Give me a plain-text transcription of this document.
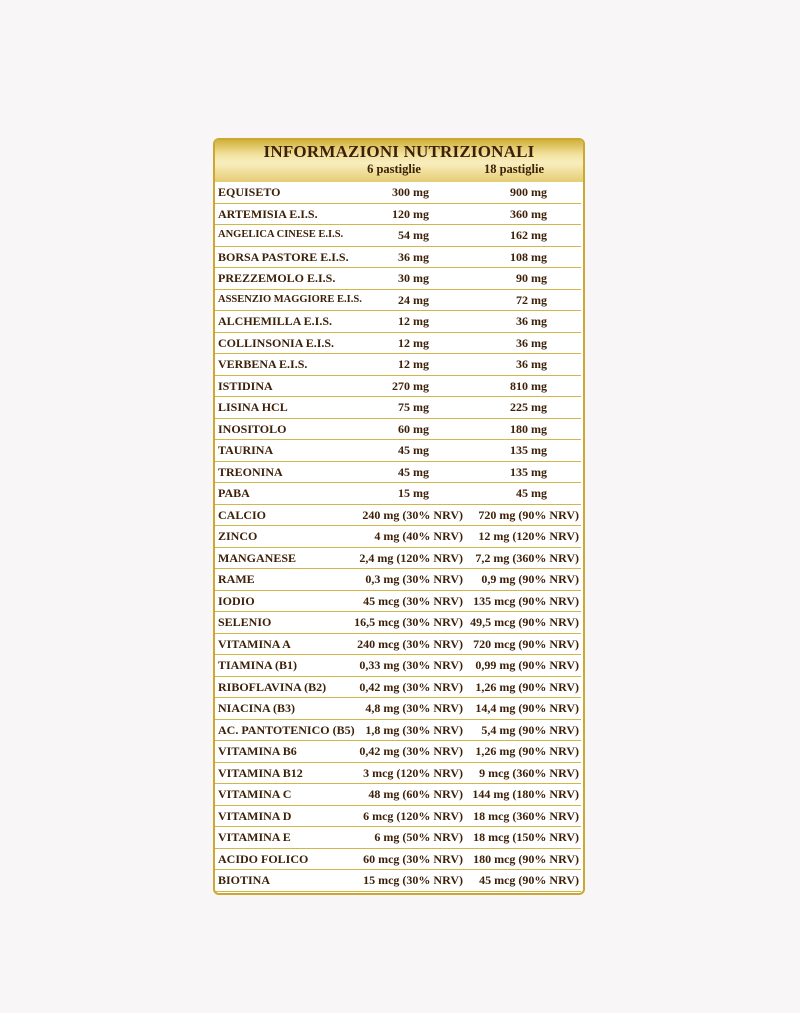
INFORMAZIONI NUTRIZIONALI
6 pastiglie	18 pastiglie
EQUISETO	300 mg	900 mg
ARTEMISIA E.I.S.	120 mg	360 mg
ANGELICA CINESE E.I.S.	54 mg	162 mg
BORSA PASTORE E.I.S.	36 mg	108 mg
PREZZEMOLO E.I.S.	30 mg	90 mg
ASSENZIO MAGGIORE E.I.S.	24 mg	72 mg
ALCHEMILLA E.I.S.	12 mg	36 mg
COLLINSONIA E.I.S.	12 mg	36 mg
VERBENA E.I.S.	12 mg	36 mg
ISTIDINA	270 mg	810 mg
LISINA HCL	75 mg	225 mg
INOSITOLO	60 mg	180 mg
TAURINA	45 mg	135 mg
TREONINA	45 mg	135 mg
PABA	15 mg	45 mg
CALCIO	240 mg (30% NRV) 720 mg (90% NRV)
ZINCO	4 mg (40% NRV) 12 mg (120% NRV)
MANGANESE	2,4 mg (120% NRV) 7,2 mg (360% NRV)
RAME	0,3 mg (30% NRV) 0,9 mg (90% NRV)
IODIO	45 mcg (30% NRV) 135 mcg (90% NRV)
SELENIO	16,5 mcg (30% NRV) 49,5 mcg (90% NRV)
VITAMINA A	240 mcg (30% NRV) 720 mcg (90% NRV)
TIAMINA (B1)	0,33 mg (30% NRV) 0,99 mg (90% NRV)
RIBOFLAVINA (B2)	0,42 mg (30% NRV) 1,26 mg (90% NRV)
NIACINA (B3)	4,8 mg (30% NRV) 14,4 mg (90% NRV)
AC. PANTOTENICO (B5) 1,8 mg (30% NRV) 5,4 mg (90% NRV)
VITAMINA B6	0,42 mg (30% NRV) 1,26 mg (90% NRV)
VITAMINA B12	3 mcg (120% NRV) 9 mcg (360% NRV)
VITAMINA C	48 mg (60% NRV) 144 mg (180% NRV)
VITAMINA D	6 mcg (120% NRV) 18 mcg (360% NRV)
VITAMINA E	6 mg (50% NRV) 18 mcg (150% NRV)
ACIDO FOLICO	60 mcg (30% NRV) 180 mcg (90% NRV)
BIOTINA	15 mcg (30% NRV) 45 mcg (90% NRV)
